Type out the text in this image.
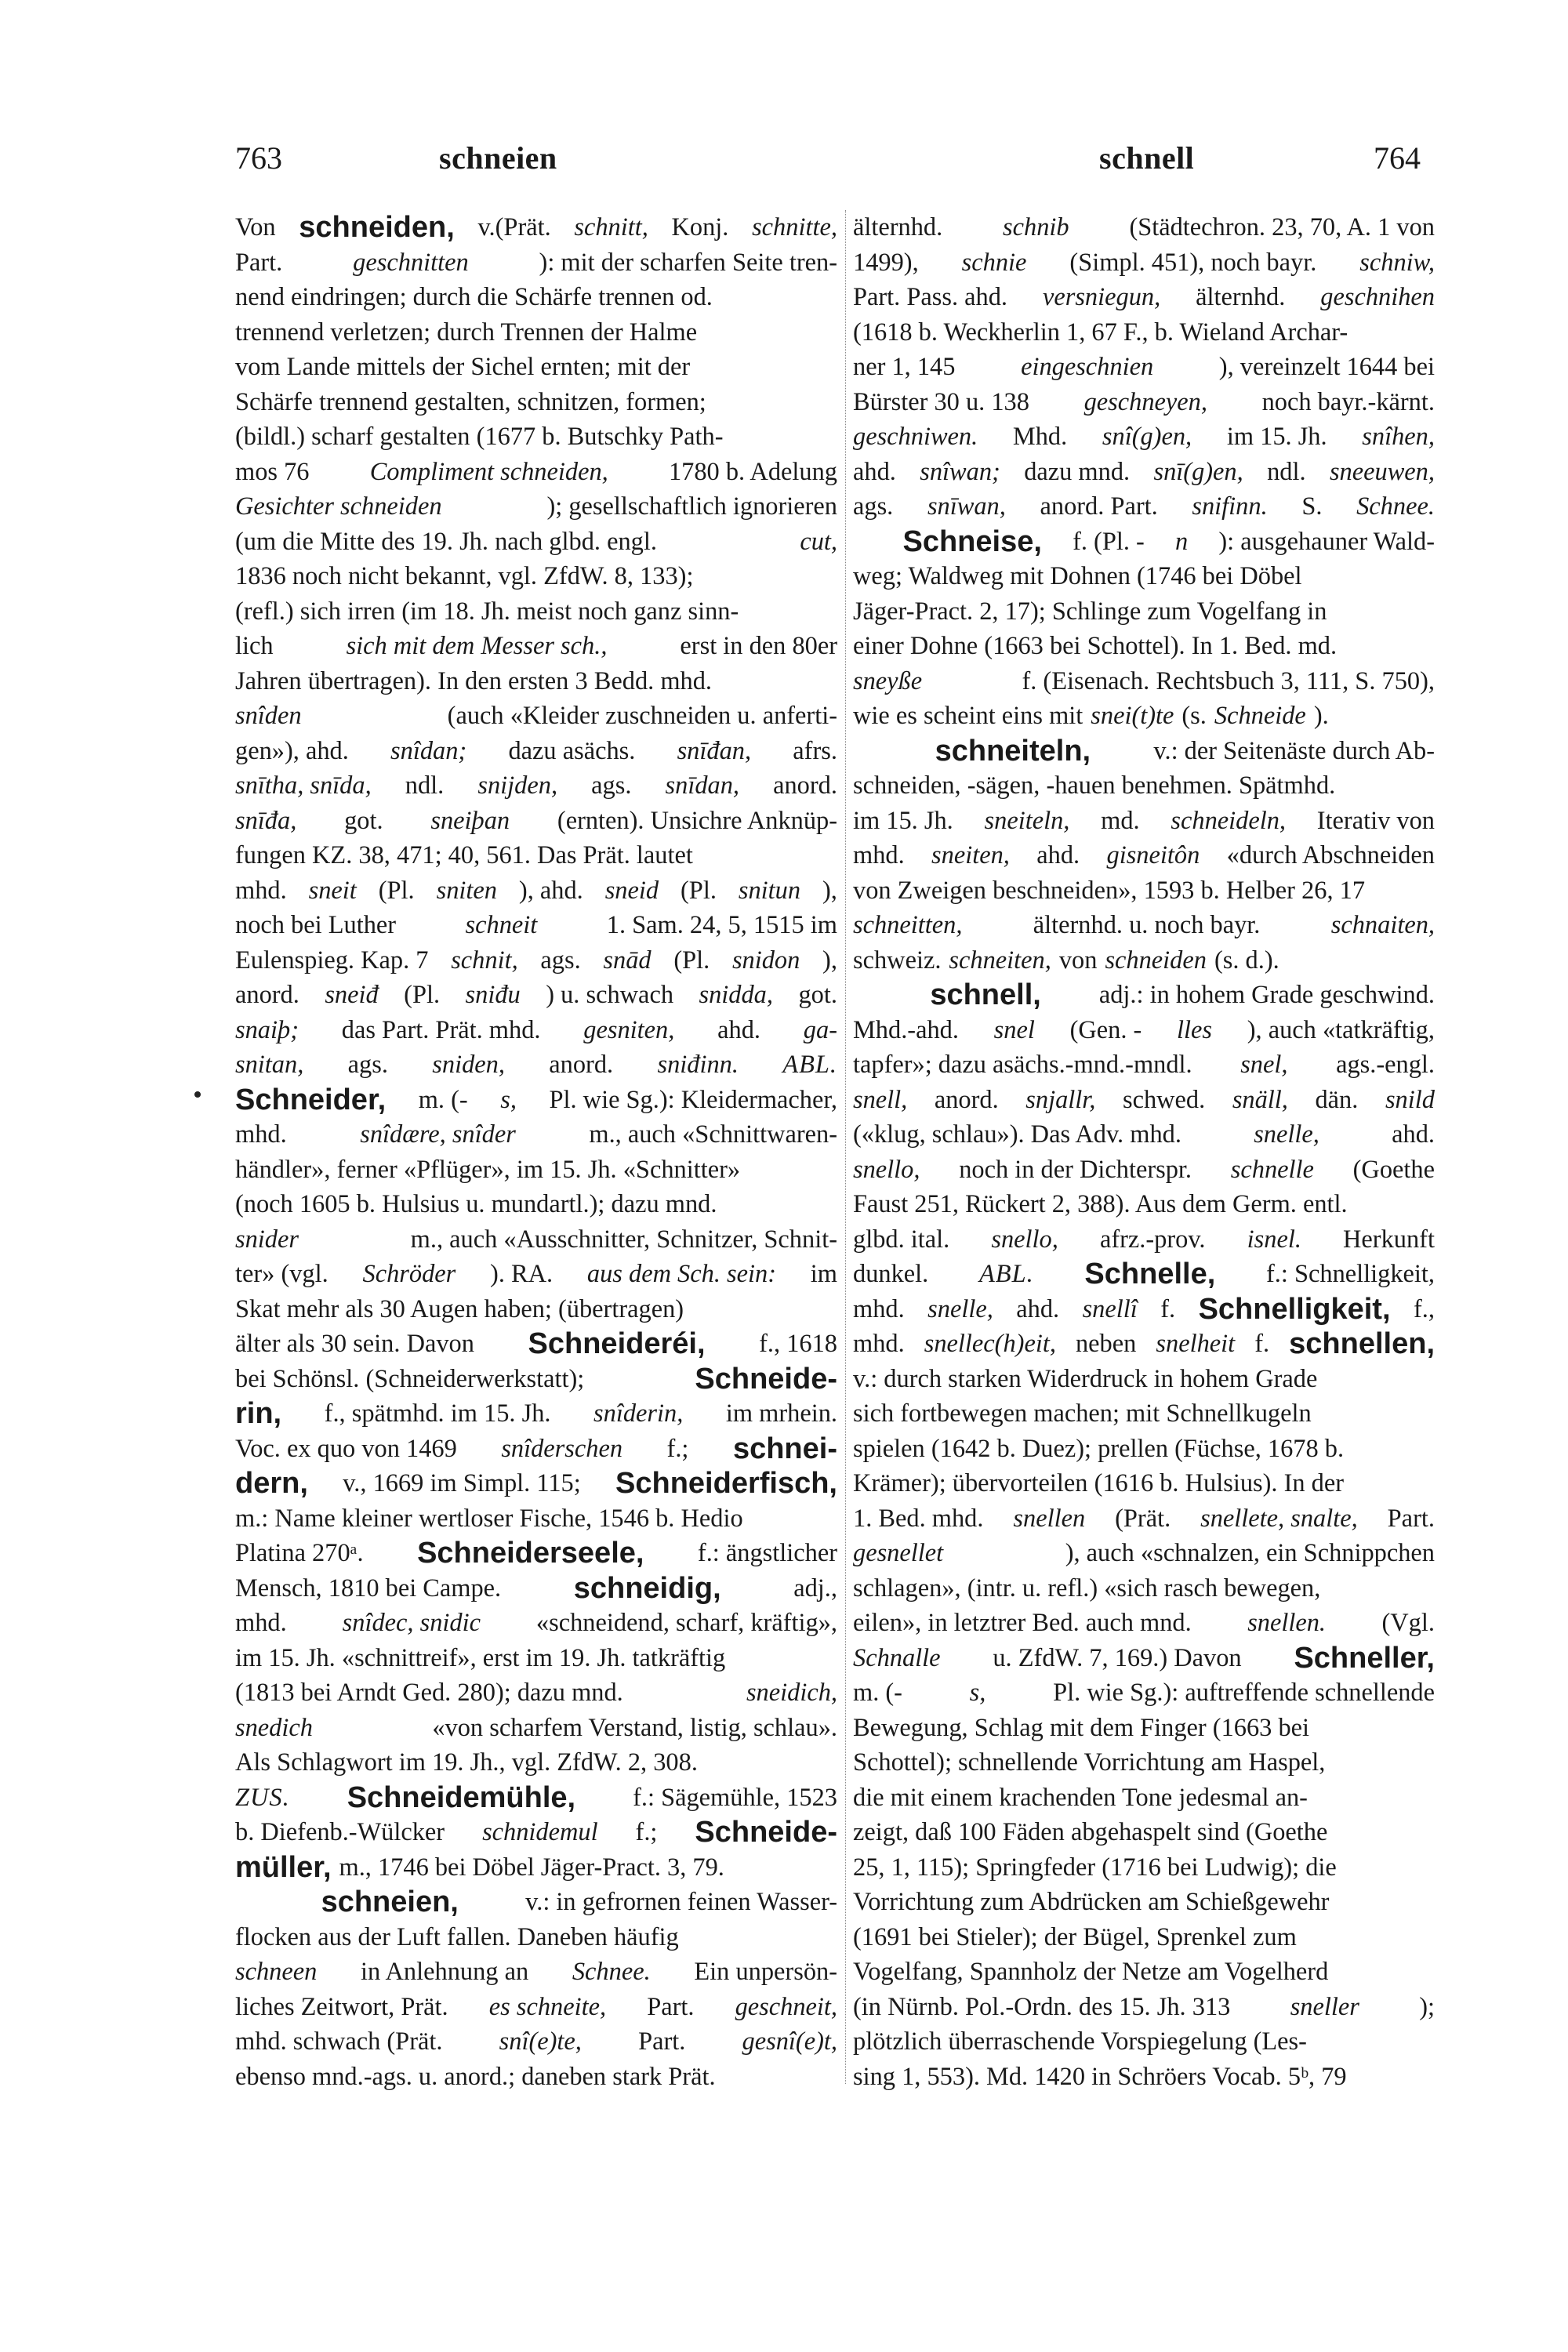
763	schneien	schnell	764
Von schneiden, v.(Prät. schnitt, Konj. schnitte,
Part.	geschnitten	): mit der scharfen Seite tren-
nend eindringen; durch die Schärfe trennen od.
trennend verletzen; durch Trennen der Halme
vom Lande mittels der Sichel ernten; mit der
Schärfe trennend gestalten, schnitzen, formen;
(bildl.) scharf gestalten (1677 b. Butschky Path-
mos 76 Compliment schneiden, 1780 b. Adelung
Gesichter schneiden	); gesellschaftlich ignorieren
(um die Mitte des 19. Jh. nach glbd. engl.	cut,
1836 noch nicht bekannt, vgl. ZfdW. 8, 133);
(refl.) sich irren (im 18. Jh. meist noch ganz sinn-
lich	sich mit dem Messer sch.,	erst in den 80er
Jahren übertragen). In den ersten 3 Bedd. mhd.
snîden	(auch «Kleider zuschneiden u. anferti-
gen»), ahd. snîdan; dazu asächs. snīđan, afrs.
snītha, snīda, ndl. snijden, ags. snīdan, anord.
snīđa, got. sneiþan (ernten). Unsichre Anknüp-
fungen KZ. 38, 471; 40, 561. Das Prät. lautet
mhd. sneit (Pl. sniten ), ahd. sneid (Pl. snitun ),
noch bei Luther	schneit	1. Sam. 24, 5, 1515 im
Eulenspieg. Kap. 7 schnit, ags. snād (Pl. snidon ),
anord. sneiđ (Pl. sniđu ) u. schwach snidda, got.
snaiþ; das Part. Prät. mhd. gesniten, ahd. ga-
snitan, ags. sniden, anord. sniđinn. ABL.
Schneider, m. (- s, Pl. wie Sg.): Kleidermacher,
mhd.	snîdære, snîder	m., auch «Schnittwaren-
händler», ferner «Pflüger», im 15. Jh. «Schnitter»
(noch 1605 b. Hulsius u. mundartl.); dazu mnd.
snider	m., auch «Ausschnitter, Schnitzer, Schnit-
ter» (vgl. Schröder ). RA. aus dem Sch. sein: im
Skat mehr als 30 Augen haben; (übertragen)
älter als 30 sein. Davon Schneideréi, f., 1618
bei Schönsl. (Schneiderwerkstatt);	Schneide-
rin, f., spätmhd. im 15. Jh. snîderin, im mrhein.
Voc. ex quo von 1469 snîderschen f.; schnei-
dern, v., 1669 im Simpl. 115; Schneiderfisch,
m.: Name kleiner wertloser Fische, 1546 b. Hedio
Platina 270ᵃ. Schneiderseele, f.: ängstlicher
Mensch, 1810 bei Campe. schneidig,	adj.,
mhd. snîdec, snidic «schneidend, scharf, kräftig»,
im 15. Jh. «schnittreif», erst im 19. Jh. tatkräftig
(1813 bei Arndt Ged. 280); dazu mnd.	sneidich,
snedich	«von scharfem Verstand, listig, schlau».
Als Schlagwort im 19. Jh., vgl. ZfdW. 2, 308.
ZUS. Schneidemühle, f.: Sägemühle, 1523
b. Diefenb.-Wülcker schnidemul f.; Schneide-
müller, m., 1746 bei Döbel Jäger-Pract. 3, 79.

schneien,	v.: in gefrornen feinen Wasser-
flocken aus der Luft fallen. Daneben häufig
schneen in Anlehnung an Schnee. Ein unpersön-
liches Zeitwort, Prät. es schneite, Part. geschneit,
mhd. schwach (Prät. snî(e)te, Part. gesnî(e)t,
ebenso mnd.-ags. u. anord.; daneben stark Prät.
älternhd. schnib (Städtechron. 23, 70, A. 1 von
1499), schnie (Simpl. 451), noch bayr. schniw,
Part. Pass. ahd. versniegun, älternhd. geschnihen
(1618 b. Weckherlin 1, 67 F., b. Wieland Archar-
ner 1, 145	eingeschnien	), vereinzelt 1644 bei
Bürster 30 u. 138 geschneyen, noch bayr.-kärnt.
geschniwen. Mhd. snî(g)en, im 15. Jh. snîhen,
ahd. snîwan; dazu mnd. snī(g)en, ndl. sneeuwen,
ags. snīwan, anord. Part. snifinn. S. Schnee.

Schneise, f. (Pl. - n ): ausgehauner Wald-
weg; Waldweg mit Dohnen (1746 bei Döbel
Jäger-Pract. 2, 17); Schlinge zum Vogelfang in
einer Dohne (1663 bei Schottel). In 1. Bed. md.
sneyße	f. (Eisenach. Rechtsbuch 3, 111, S. 750),
wie es scheint eins mit snei(t)te (s. Schneide ).

schneiteln, v.: der Seitenäste durch Ab-
schneiden, -sägen, -hauen benehmen. Spätmhd.
im 15. Jh. sneiteln, md. schneideln, Iterativ von
mhd. sneiten, ahd. gisneitôn «durch Abschneiden
von Zweigen beschneiden», 1593 b. Helber 26, 17
schneitten,	älternhd. u. noch bayr.	schnaiten,
schweiz. schneiten, von schneiden (s. d.).

schnell, adj.: in hohem Grade geschwind.
Mhd.-ahd. snel (Gen. - lles ), auch «tatkräftig,
tapfer»; dazu asächs.-mnd.-mndl. snel, ags.-engl.
snell, anord. snjallr, schwed. snäll, dän. snild
(«klug, schlau»). Das Adv. mhd.	snelle,	ahd.
snello, noch in der Dichterspr. schnelle (Goethe
Faust 251, Rückert 2, 388). Aus dem Germ. entl.
glbd. ital. snello, afrz.-prov. isnel. Herkunft
dunkel. ABL. Schnelle, f.: Schnelligkeit,
mhd. snelle, ahd. snellî f. Schnelligkeit, f.,
mhd. snellec(h)eit, neben snelheit f. schnellen,
v.: durch starken Widerdruck in hohem Grade
sich fortbewegen machen; mit Schnellkugeln
spielen (1642 b. Duez); prellen (Füchse, 1678 b.
Krämer); übervorteilen (1616 b. Hulsius). In der
1. Bed. mhd. snellen (Prät. snellete, snalte, Part.
gesnellet	), auch «schnalzen, ein Schnippchen
schlagen», (intr. u. refl.) «sich rasch bewegen,
eilen», in letztrer Bed. auch mnd. snellen. (Vgl.
Schnalle u. ZfdW. 7, 169.) Davon Schneller,
m. (-	s,	Pl. wie Sg.): auftreffende schnellende
Bewegung, Schlag mit dem Finger (1663 bei
Schottel); schnellende Vorrichtung am Haspel,
die mit einem krachenden Tone jedesmal an-
zeigt, daß 100 Fäden abgehaspelt sind (Goethe
25, 1, 115); Springfeder (1716 bei Ludwig); die
Vorrichtung zum Abdrücken am Schießgewehr
(1691 bei Stieler); der Bügel, Sprenkel zum
Vogelfang, Spannholz der Netze am Vogelherd
(in Nürnb. Pol.-Ordn. des 15. Jh. 313 sneller );
plötzlich überraschende Vorspiegelung (Les-
sing 1, 553). Md. 1420 in Schröers Vocab. 5ᵇ, 79
